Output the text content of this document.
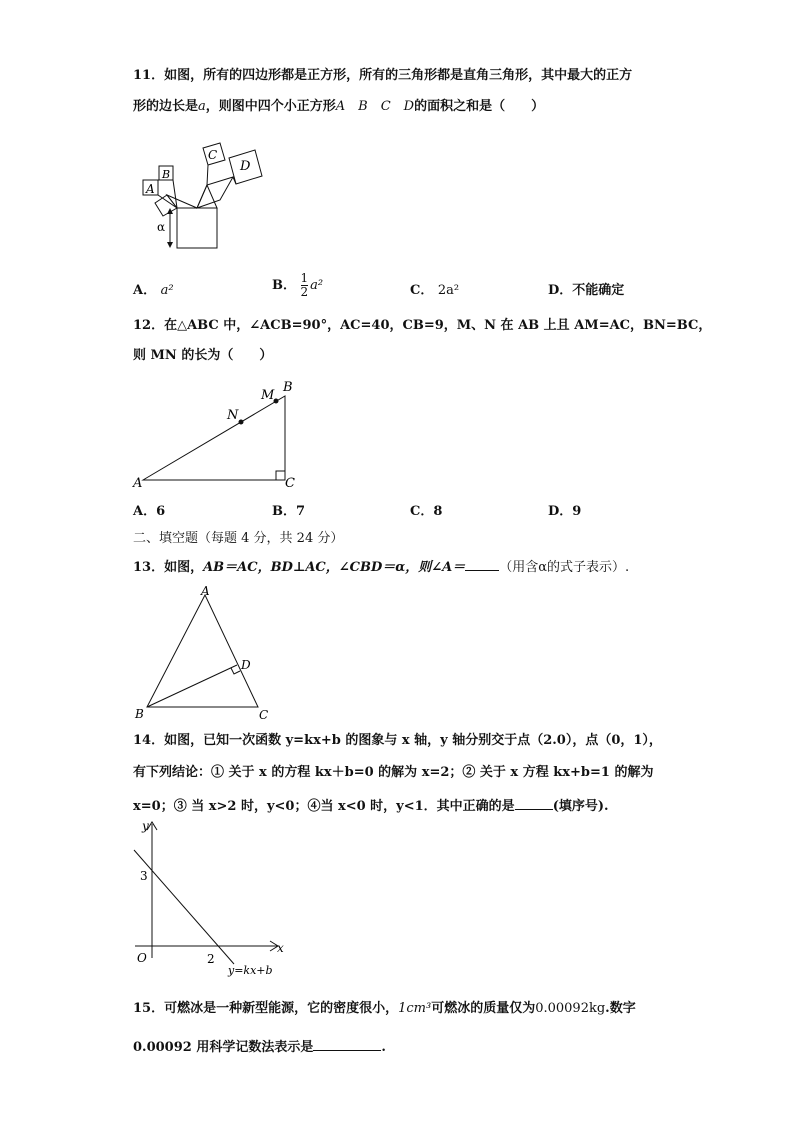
11．如图，所有的四边形都是正方形，所有的三角形都是直角三角形，其中最大的正方
形的边长是a，则图中四个小正方形A　B　C　D的面积之和是（　　）
A
B
C
D
α
A． a²	B． $\frac{1}{2} a^2$	C． 2a²	D．不能确定
12．在△ABC 中，∠ACB=90°，AC=40，CB=9，M、N 在 AB 上且 AM=AC，BN=BC，
则 MN 的长为（　　）
A
B
C
M
N
A．6	B．7	C．8	D．9
二、填空题（每题 4 分，共 24 分）
13．如图，AB＝AC，BD⊥AC，∠CBD＝α，则∠A＝	（用含α的式子表示）.
A
B	C
D
14．如图，已知一次函数 y=kx+b 的图象与 x 轴，y 轴分别交于点（2.0），点（0，1），
有下列结论：① 关于 x 的方程 kx＋b=0 的解为 x=2；② 关于 x 方程 kx+b=1 的解为
x=0；③ 当 x>2 时，y<0；④当 x<0 时，y<1．其中正确的是	(填序号).
y
x
O
3
2
y=kx+b
15．可燃冰是一种新型能源，它的密度很小，1cm³可燃冰的质量仅为0.00092kg.数字
0.00092 用科学记数法表示是	.
